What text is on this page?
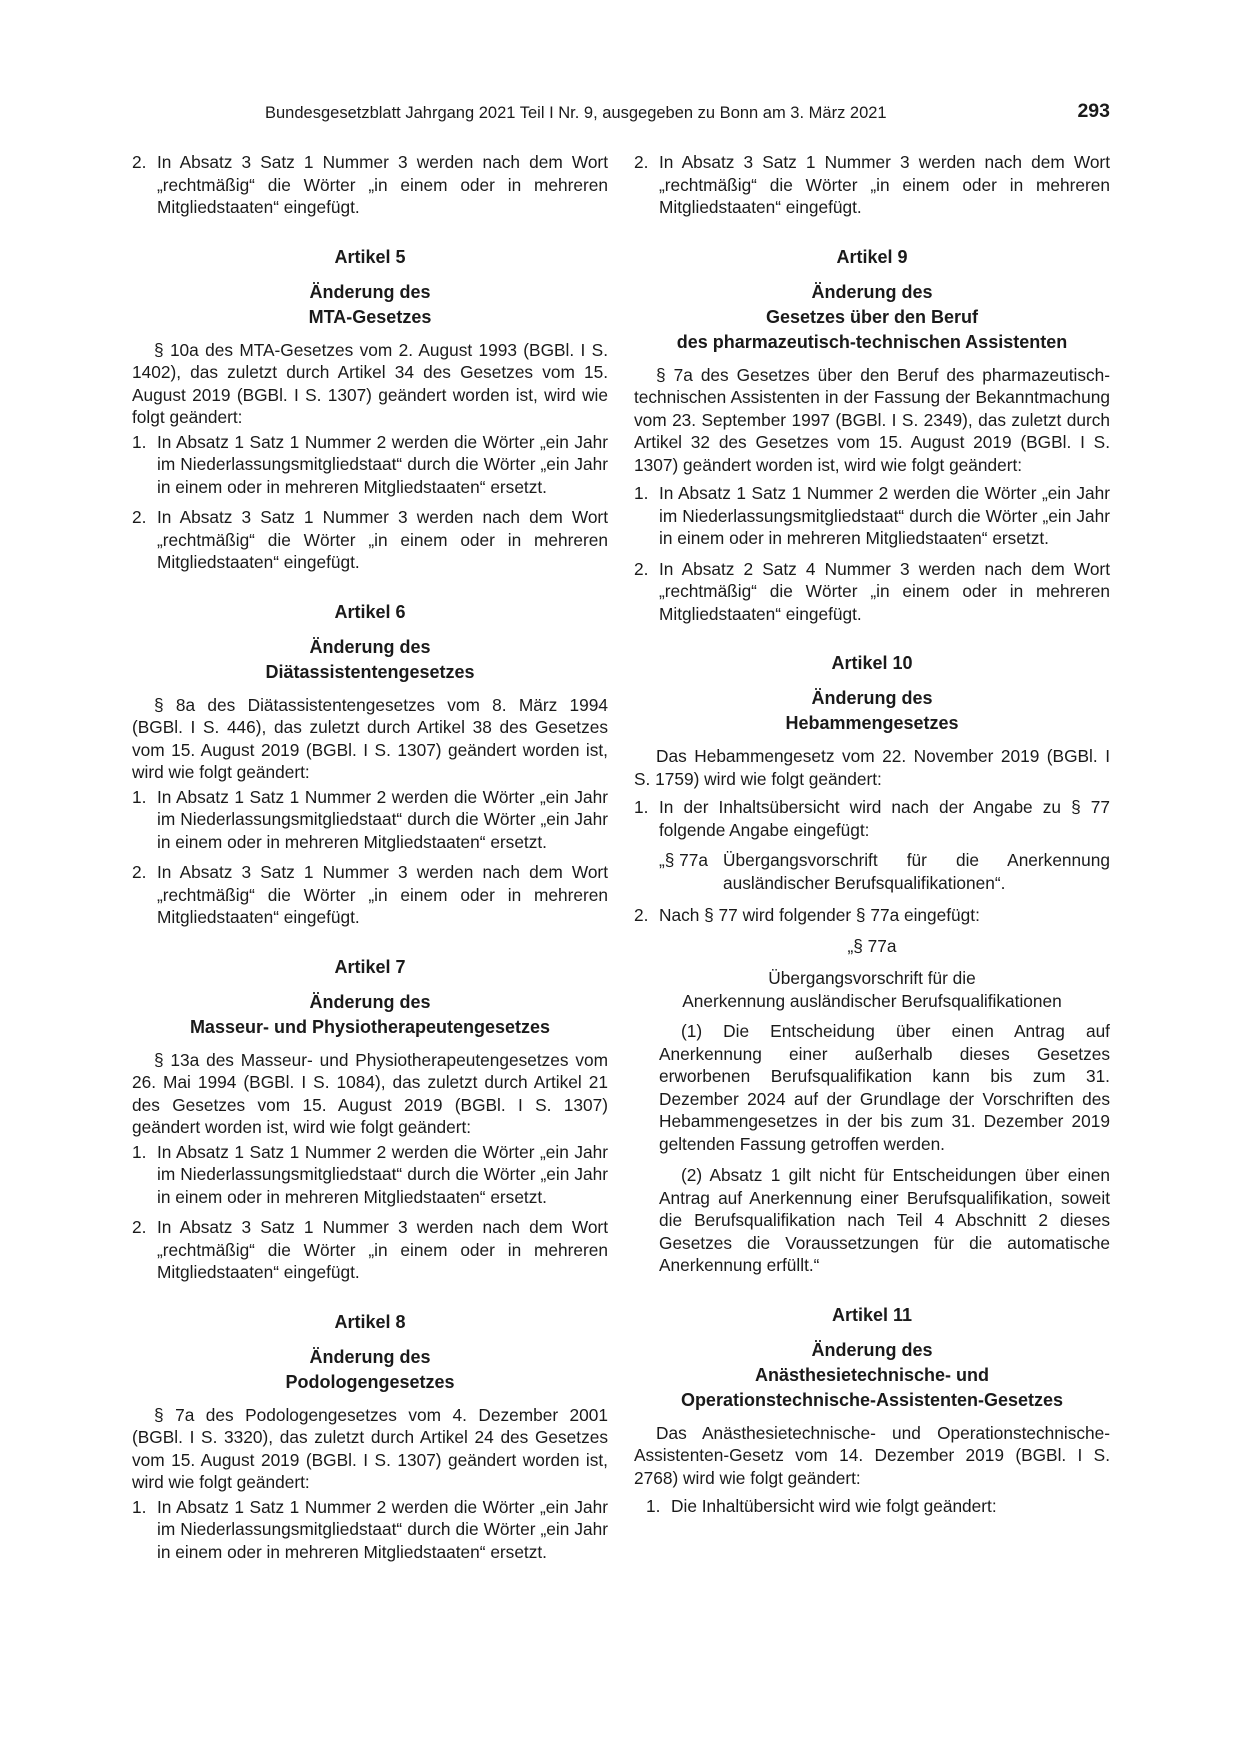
Bundesgesetzblatt Jahrgang 2021 Teil I Nr. 9, ausgegeben zu Bonn am 3. März 2021	293
2. In Absatz 3 Satz 1 Nummer 3 werden nach dem Wort „rechtmäßig“ die Wörter „in einem oder in mehreren Mitgliedstaaten“ eingefügt.
Artikel 5
Änderung des
MTA-Gesetzes

§ 10a des MTA-Gesetzes vom 2. August 1993 (BGBl. I S. 1402), das zuletzt durch Artikel 34 des Gesetzes vom 15. August 2019 (BGBl. I S. 1307) geändert worden ist, wird wie folgt geändert:

1. In Absatz 1 Satz 1 Nummer 2 werden die Wörter „ein Jahr im Niederlassungsmitgliedstaat“ durch die Wörter „ein Jahr in einem oder in mehreren Mitgliedstaaten“ ersetzt.
2. In Absatz 3 Satz 1 Nummer 3 werden nach dem Wort „rechtmäßig“ die Wörter „in einem oder in mehreren Mitgliedstaaten“ eingefügt.
Artikel 6
Änderung des
Diätassistentengesetzes

§ 8a des Diätassistentengesetzes vom 8. März 1994 (BGBl. I S. 446), das zuletzt durch Artikel 38 des Gesetzes vom 15. August 2019 (BGBl. I S. 1307) geändert worden ist, wird wie folgt geändert:

1. In Absatz 1 Satz 1 Nummer 2 werden die Wörter „ein Jahr im Niederlassungsmitgliedstaat“ durch die Wörter „ein Jahr in einem oder in mehreren Mitgliedstaaten“ ersetzt.
2. In Absatz 3 Satz 1 Nummer 3 werden nach dem Wort „rechtmäßig“ die Wörter „in einem oder in mehreren Mitgliedstaaten“ eingefügt.
Artikel 7
Änderung des
Masseur- und Physiotherapeutengesetzes

§ 13a des Masseur- und Physiotherapeutengesetzes vom 26. Mai 1994 (BGBl. I S. 1084), das zuletzt durch Artikel 21 des Gesetzes vom 15. August 2019 (BGBl. I S. 1307) geändert worden ist, wird wie folgt geändert:

1. In Absatz 1 Satz 1 Nummer 2 werden die Wörter „ein Jahr im Niederlassungsmitgliedstaat“ durch die Wörter „ein Jahr in einem oder in mehreren Mitgliedstaaten“ ersetzt.
2. In Absatz 3 Satz 1 Nummer 3 werden nach dem Wort „rechtmäßig“ die Wörter „in einem oder in mehreren Mitgliedstaaten“ eingefügt.
Artikel 8
Änderung des
Podologengesetzes

§ 7a des Podologengesetzes vom 4. Dezember 2001 (BGBl. I S. 3320), das zuletzt durch Artikel 24 des Gesetzes vom 15. August 2019 (BGBl. I S. 1307) geändert worden ist, wird wie folgt geändert:

1. In Absatz 1 Satz 1 Nummer 2 werden die Wörter „ein Jahr im Niederlassungsmitgliedstaat“ durch die Wörter „ein Jahr in einem oder in mehreren Mitgliedstaaten“ ersetzt.
2. In Absatz 3 Satz 1 Nummer 3 werden nach dem Wort „rechtmäßig“ die Wörter „in einem oder in mehreren Mitgliedstaaten“ eingefügt.
Artikel 9
Änderung des
Gesetzes über den Beruf
des pharmazeutisch-technischen Assistenten

§ 7a des Gesetzes über den Beruf des pharmazeutisch-technischen Assistenten in der Fassung der Bekanntmachung vom 23. September 1997 (BGBl. I S. 2349), das zuletzt durch Artikel 32 des Gesetzes vom 15. August 2019 (BGBl. I S. 1307) geändert worden ist, wird wie folgt geändert:

1. In Absatz 1 Satz 1 Nummer 2 werden die Wörter „ein Jahr im Niederlassungsmitgliedstaat“ durch die Wörter „ein Jahr in einem oder in mehreren Mitgliedstaaten“ ersetzt.
2. In Absatz 2 Satz 4 Nummer 3 werden nach dem Wort „rechtmäßig“ die Wörter „in einem oder in mehreren Mitgliedstaaten“ eingefügt.
Artikel 10
Änderung des
Hebammengesetzes

Das Hebammengesetz vom 22. November 2019 (BGBl. I S. 1759) wird wie folgt geändert:

1. In der Inhaltsübersicht wird nach der Angabe zu § 77 folgende Angabe eingefügt:
„§ 77a Übergangsvorschrift für die Anerkennung ausländischer Berufsqualifikationen“.
2. Nach § 77 wird folgender § 77a eingefügt:
„§ 77a
Übergangsvorschrift für die
Anerkennung ausländischer Berufsqualifikationen

(1) Die Entscheidung über einen Antrag auf Anerkennung einer außerhalb dieses Gesetzes erworbenen Berufsqualifikation kann bis zum 31. Dezember 2024 auf der Grundlage der Vorschriften des Hebammengesetzes in der bis zum 31. Dezember 2019 geltenden Fassung getroffen werden.

(2) Absatz 1 gilt nicht für Entscheidungen über einen Antrag auf Anerkennung einer Berufsqualifikation, soweit die Berufsqualifikation nach Teil 4 Abschnitt 2 dieses Gesetzes die Voraussetzungen für die automatische Anerkennung erfüllt.“

Artikel 11
Änderung des
Anästhesietechnische- und
Operationstechnische-Assistenten-Gesetzes

Das Anästhesietechnische- und Operationstechnische-Assistenten-Gesetz vom 14. Dezember 2019 (BGBl. I S. 2768) wird wie folgt geändert:

1. Die Inhaltübersicht wird wie folgt geändert:
